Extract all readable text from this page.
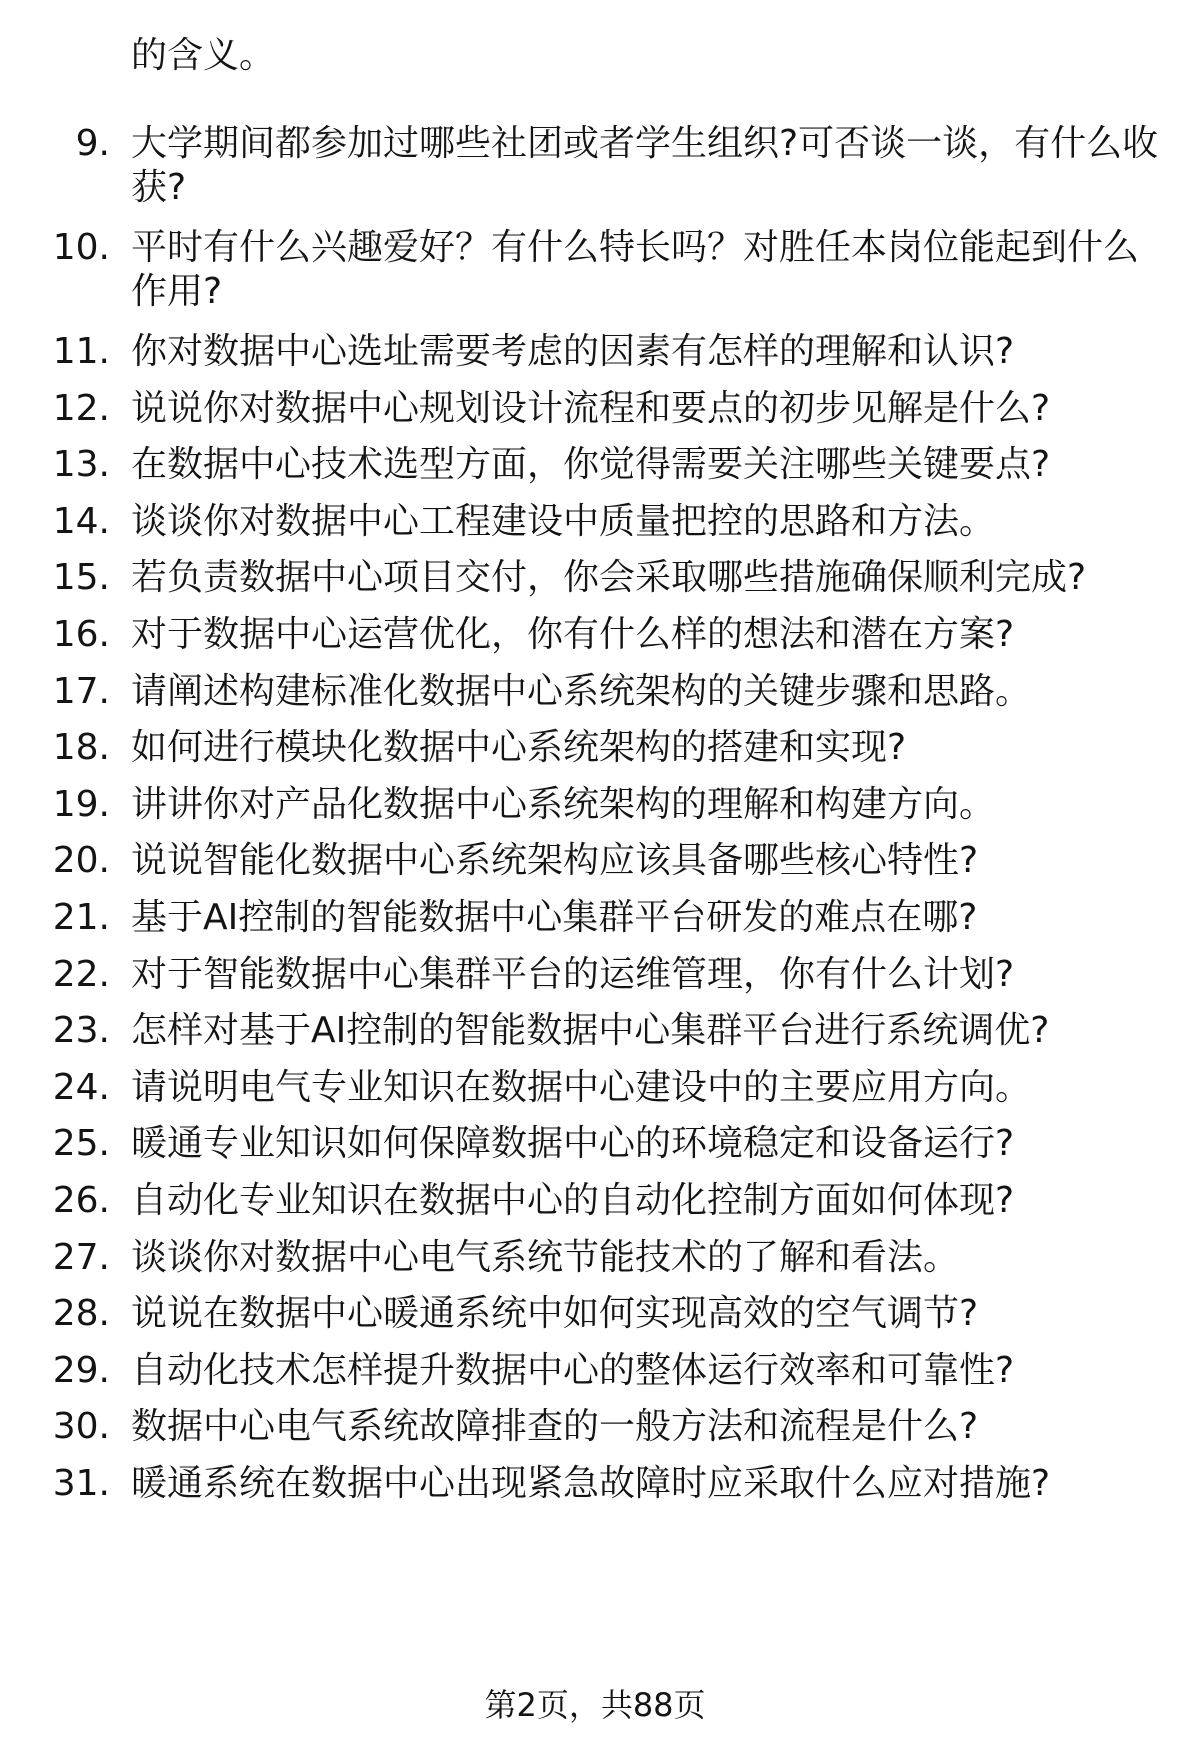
的含义。
9. 大学期间都参加过哪些社团或者学生组织?可否谈一谈，有什么收获?
10. 平时有什么兴趣爱好？有什么特长吗？对胜任本岗位能起到什么作用?
11. 你对数据中心选址需要考虑的因素有怎样的理解和认识?
12. 说说你对数据中心规划设计流程和要点的初步见解是什么?
13. 在数据中心技术选型方面，你觉得需要关注哪些关键要点?
14. 谈谈你对数据中心工程建设中质量把控的思路和方法。
15. 若负责数据中心项目交付，你会采取哪些措施确保顺利完成?
16. 对于数据中心运营优化，你有什么样的想法和潜在方案?
17. 请阐述构建标准化数据中心系统架构的关键步骤和思路。
18. 如何进行模块化数据中心系统架构的搭建和实现?
19. 讲讲你对产品化数据中心系统架构的理解和构建方向。
20. 说说智能化数据中心系统架构应该具备哪些核心特性?
21. 基于AI控制的智能数据中心集群平台研发的难点在哪?
22. 对于智能数据中心集群平台的运维管理，你有什么计划?
23. 怎样对基于AI控制的智能数据中心集群平台进行系统调优?
24. 请说明电气专业知识在数据中心建设中的主要应用方向。
25. 暖通专业知识如何保障数据中心的环境稳定和设备运行?
26. 自动化专业知识在数据中心的自动化控制方面如何体现?
27. 谈谈你对数据中心电气系统节能技术的了解和看法。
28. 说说在数据中心暖通系统中如何实现高效的空气调节?
29. 自动化技术怎样提升数据中心的整体运行效率和可靠性?
30. 数据中心电气系统故障排查的一般方法和流程是什么?
31. 暖通系统在数据中心出现紧急故障时应采取什么应对措施?
第2页，共88页
